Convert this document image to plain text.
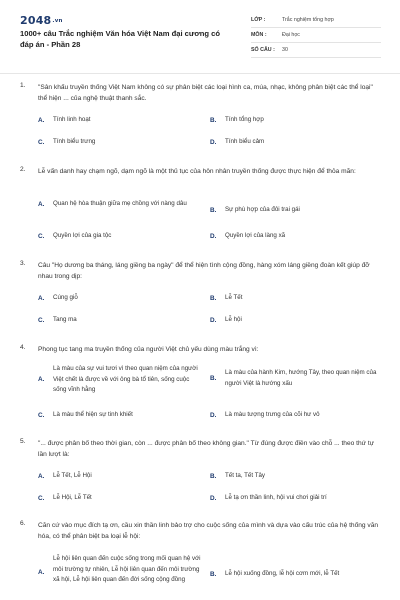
2048.vn
1000+ câu Trắc nghiệm Văn hóa Việt Nam đại cương có đáp án - Phần 28
LỚP :	Trắc nghiệm tổng hợp
MÔN :	Đại học
SỐ CÂU :	30
1. "Sân khấu truyền thống Việt Nam không có sự phân biệt các loại hình ca, múa, nhạc, không phân biệt các thể loại" thể hiện ... của nghệ thuật thanh sắc.
A.	Tính linh hoạt	B.	Tính tổng hợp
C.	Tính biểu trưng	D.	Tính biểu cảm
2. Lễ vấn danh hay chạm ngõ, dạm ngõ là một thủ tục của hôn nhân truyền thống được thực hiện để thỏa mãn:
A.	Quan hệ hòa thuận giữa mẹ chồng với nàng dâu
B.	Sự phù hợp của đôi trai gái
C.	Quyền lợi của gia tộc	D.	Quyền lợi của làng xã
3. Câu "Họ dương ba tháng, láng giềng ba ngày" để thể hiện tình cộng đồng, hàng xóm láng giềng đoàn kết giúp đỡ nhau trong dịp:
A.	Cúng giỗ	B.	Lễ Tết
C.	Tang ma	D.	Lễ hội
4. Phong tục tang ma truyền thống của người Việt chủ yếu dùng màu trắng vì:
A.
Là màu của sự vui tươi vì theo quan niệm của người Việt chết là được về với ông bà tổ tiên, sống cuộc sống vĩnh hằng
B.
Là màu của hành Kim, hướng Tây, theo quan niệm của người Việt là hướng xấu
C.	Là màu thể hiện sự tinh khiết	D.	Là màu tượng trưng của cõi hư vô
5. "... được phân bố theo thời gian, còn ... được phân bố theo không gian." Từ đúng được điền vào chỗ ... theo thứ tự lần lượt là:
A.	Lễ Tết, Lễ Hội	B.	Tết ta, Tết Tây
C.	Lễ Hội, Lễ Tết	D.	Lễ tạ ơn thần linh, hội vui chơi giải trí
6. Căn cứ vào mục đích tạ ơn, cầu xin thần linh bảo trợ cho cuộc sống của mình và dựa vào cấu trúc của hệ thống văn hóa, có thể phân biệt ba loại lễ hội:
A.
Lễ hội liên quan đến cuộc sống trong mối quan hệ với môi trường tự nhiên, Lễ hội liên quan đến môi trường xã hội, Lễ hội liên quan đến đời sống cộng đồng
B.	Lễ hội xuống đồng, lễ hội cơm mới, lễ Tết
